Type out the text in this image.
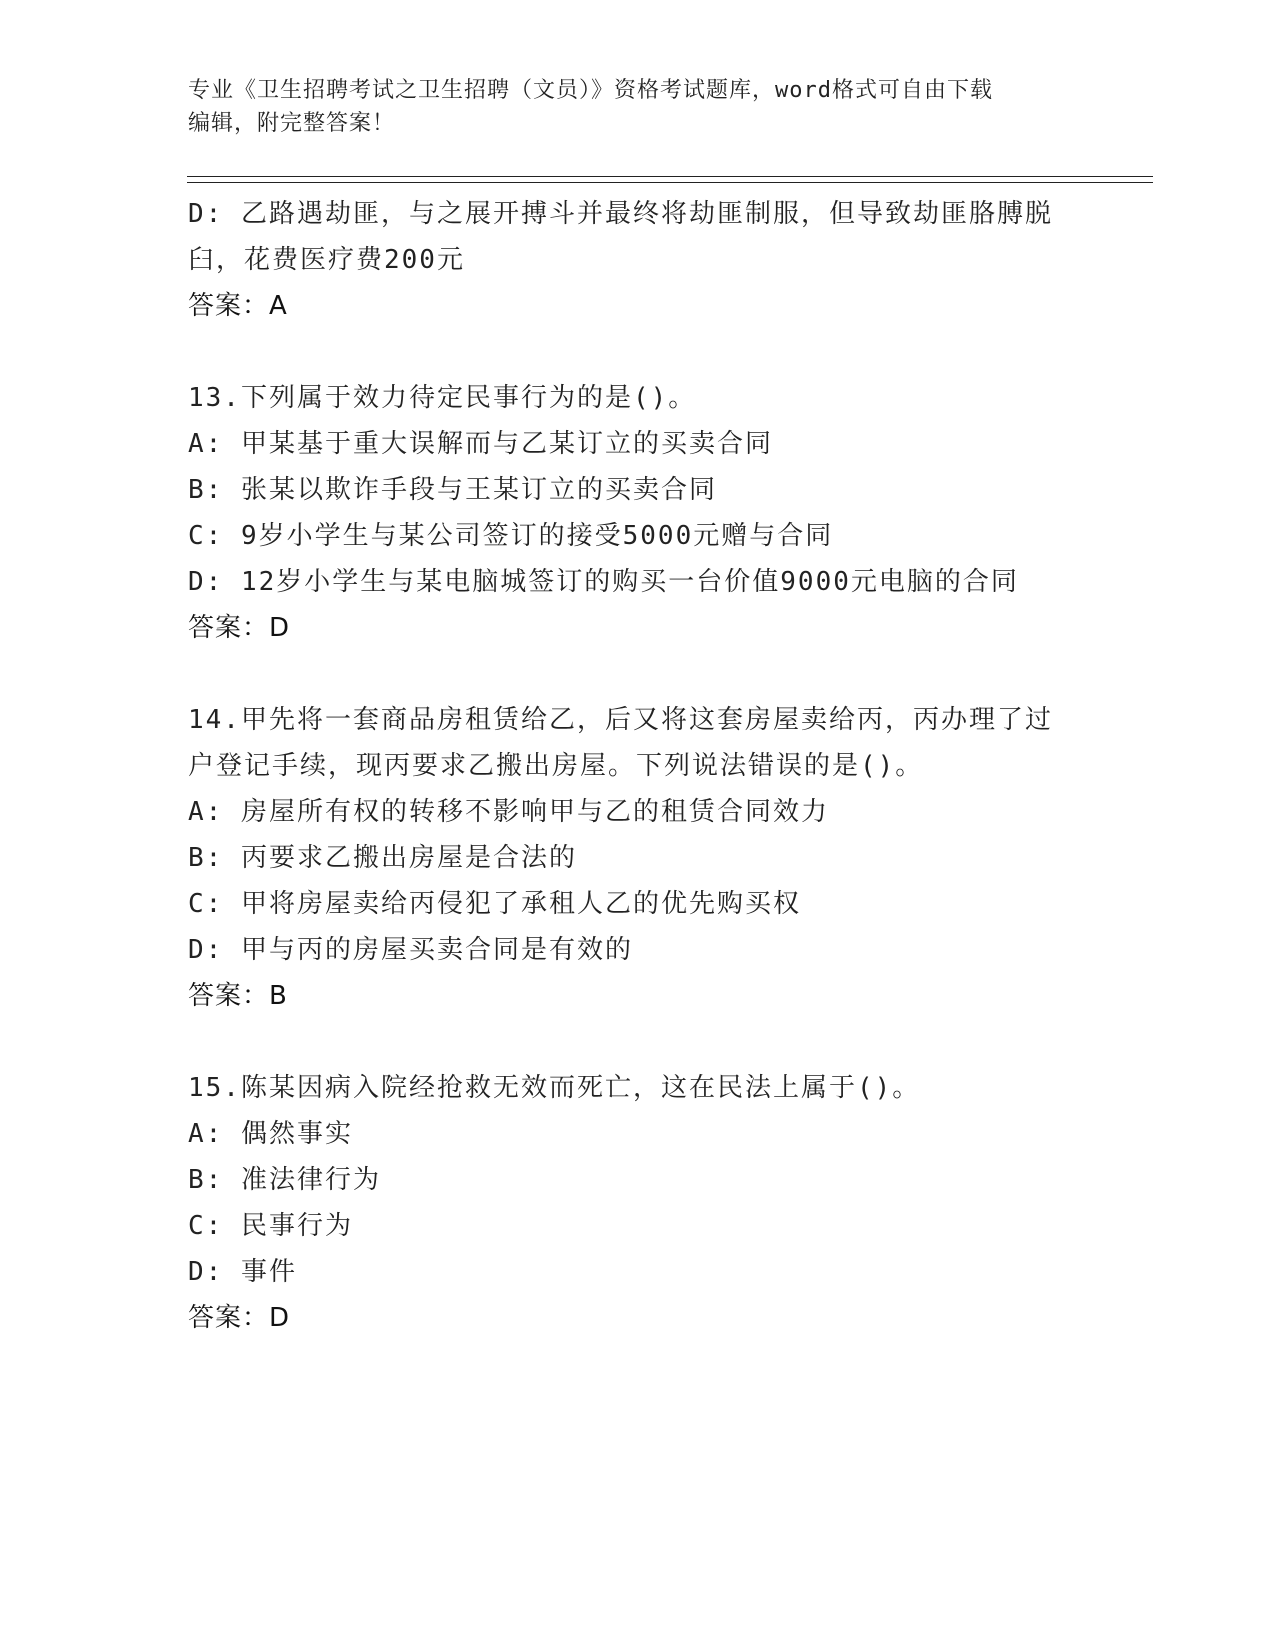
专业《卫生招聘考试之卫生招聘（文员）》资格考试题库，word格式可自由下载
编辑，附完整答案！
D: 乙路遇劫匪，与之展开搏斗并最终将劫匪制服，但导致劫匪胳膊脱
臼，花费医疗费200元
答案：A
13.下列属于效力待定民事行为的是()。
A: 甲某基于重大误解而与乙某订立的买卖合同
B: 张某以欺诈手段与王某订立的买卖合同
C: 9岁小学生与某公司签订的接受5000元赠与合同
D: 12岁小学生与某电脑城签订的购买一台价值9000元电脑的合同
答案：D
14.甲先将一套商品房租赁给乙，后又将这套房屋卖给丙，丙办理了过
户登记手续，现丙要求乙搬出房屋。下列说法错误的是()。
A: 房屋所有权的转移不影响甲与乙的租赁合同效力
B: 丙要求乙搬出房屋是合法的
C: 甲将房屋卖给丙侵犯了承租人乙的优先购买权
D: 甲与丙的房屋买卖合同是有效的
答案：B
15.陈某因病入院经抢救无效而死亡，这在民法上属于()。
A: 偶然事实
B: 准法律行为
C: 民事行为
D: 事件
答案：D
